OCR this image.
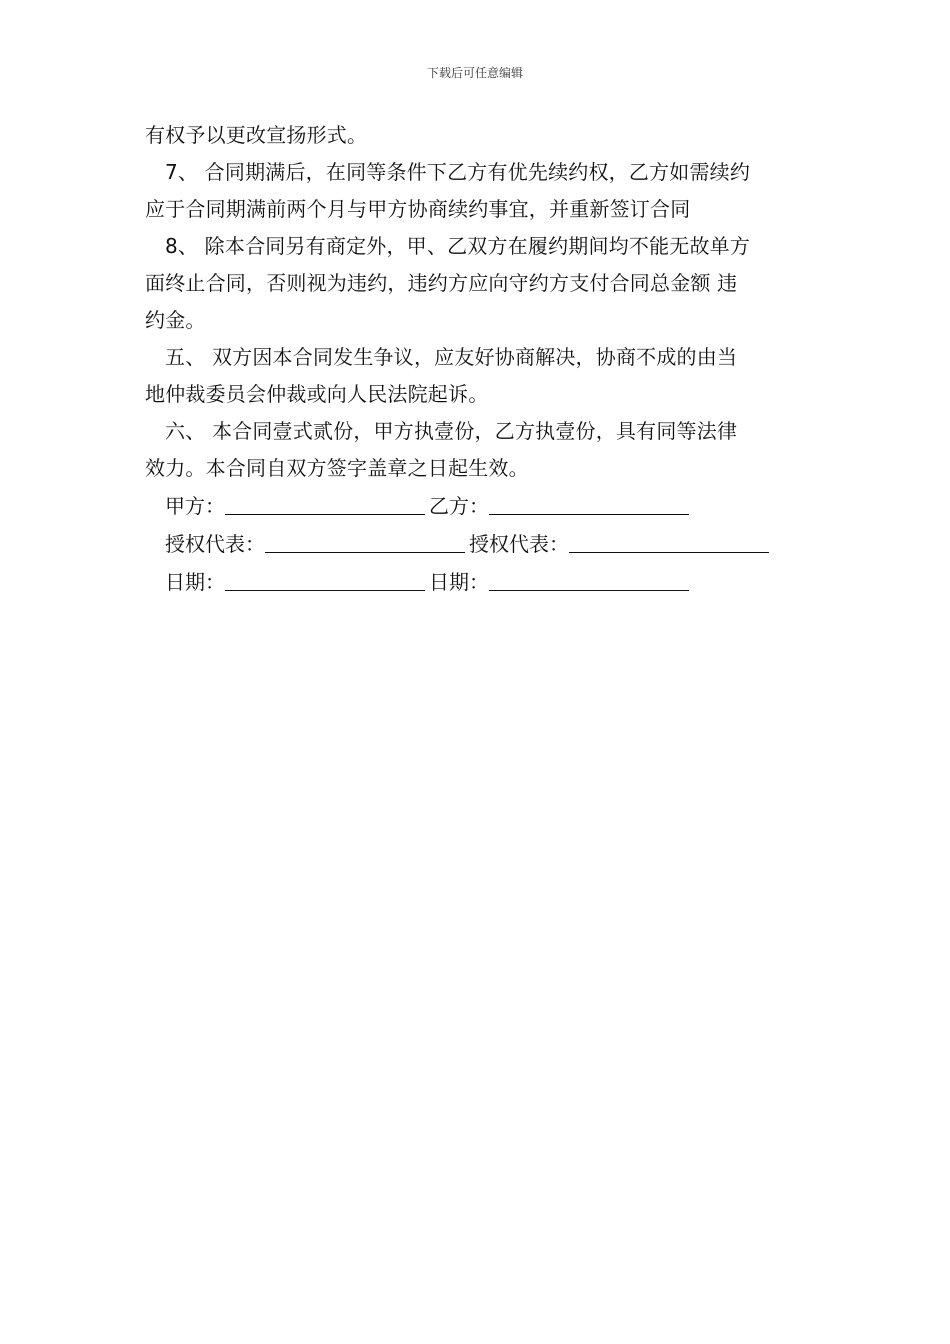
下载后可任意编辑
有权予以更改宣扬形式。
7、 合同期满后，在同等条件下乙方有优先续约权，乙方如需续约
应于合同期满前两个月与甲方协商续约事宜，并重新签订合同
8、 除本合同另有商定外，甲、乙双方在履约期间均不能无故单方
面终止合同，否则视为违约，违约方应向守约方支付合同总金额 违
约金。
五、 双方因本合同发生争议，应友好协商解决，协商不成的由当
地仲裁委员会仲裁或向人民法院起诉。
六、 本合同壹式贰份，甲方执壹份，乙方执壹份，具有同等法律
效力。本合同自双方签字盖章之日起生效。
甲方：	乙方：
授权代表：	授权代表：
日期：	日期：
